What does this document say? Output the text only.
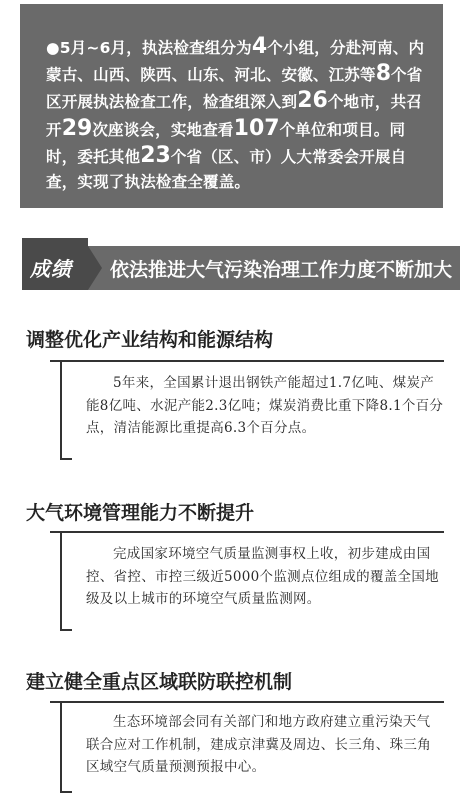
●5月~6月，执法检查组分为4个小组，分赴河南、内蒙古、山西、陕西、山东、河北、安徽、江苏等8个省区开展执法检查工作，检查组深入到26个地市，共召开29次座谈会，实地查看107个单位和项目。同时，委托其他23个省（区、市）人大常委会开展自查，实现了执法检查全覆盖。
成绩 依法推进大气污染治理工作力度不断加大
调整优化产业结构和能源结构
5年来，全国累计退出钢铁产能超过1.7亿吨、煤炭产能8亿吨、水泥产能2.3亿吨；煤炭消费比重下降8.1个百分点，清洁能源比重提高6.3个百分点。
大气环境管理能力不断提升
完成国家环境空气质量监测事权上收，初步建成由国控、省控、市控三级近5000个监测点位组成的覆盖全国地级及以上城市的环境空气质量监测网。
建立健全重点区域联防联控机制
生态环境部会同有关部门和地方政府建立重污染天气联合应对工作机制，建成京津冀及周边、长三角、珠三角区域空气质量预测预报中心。
